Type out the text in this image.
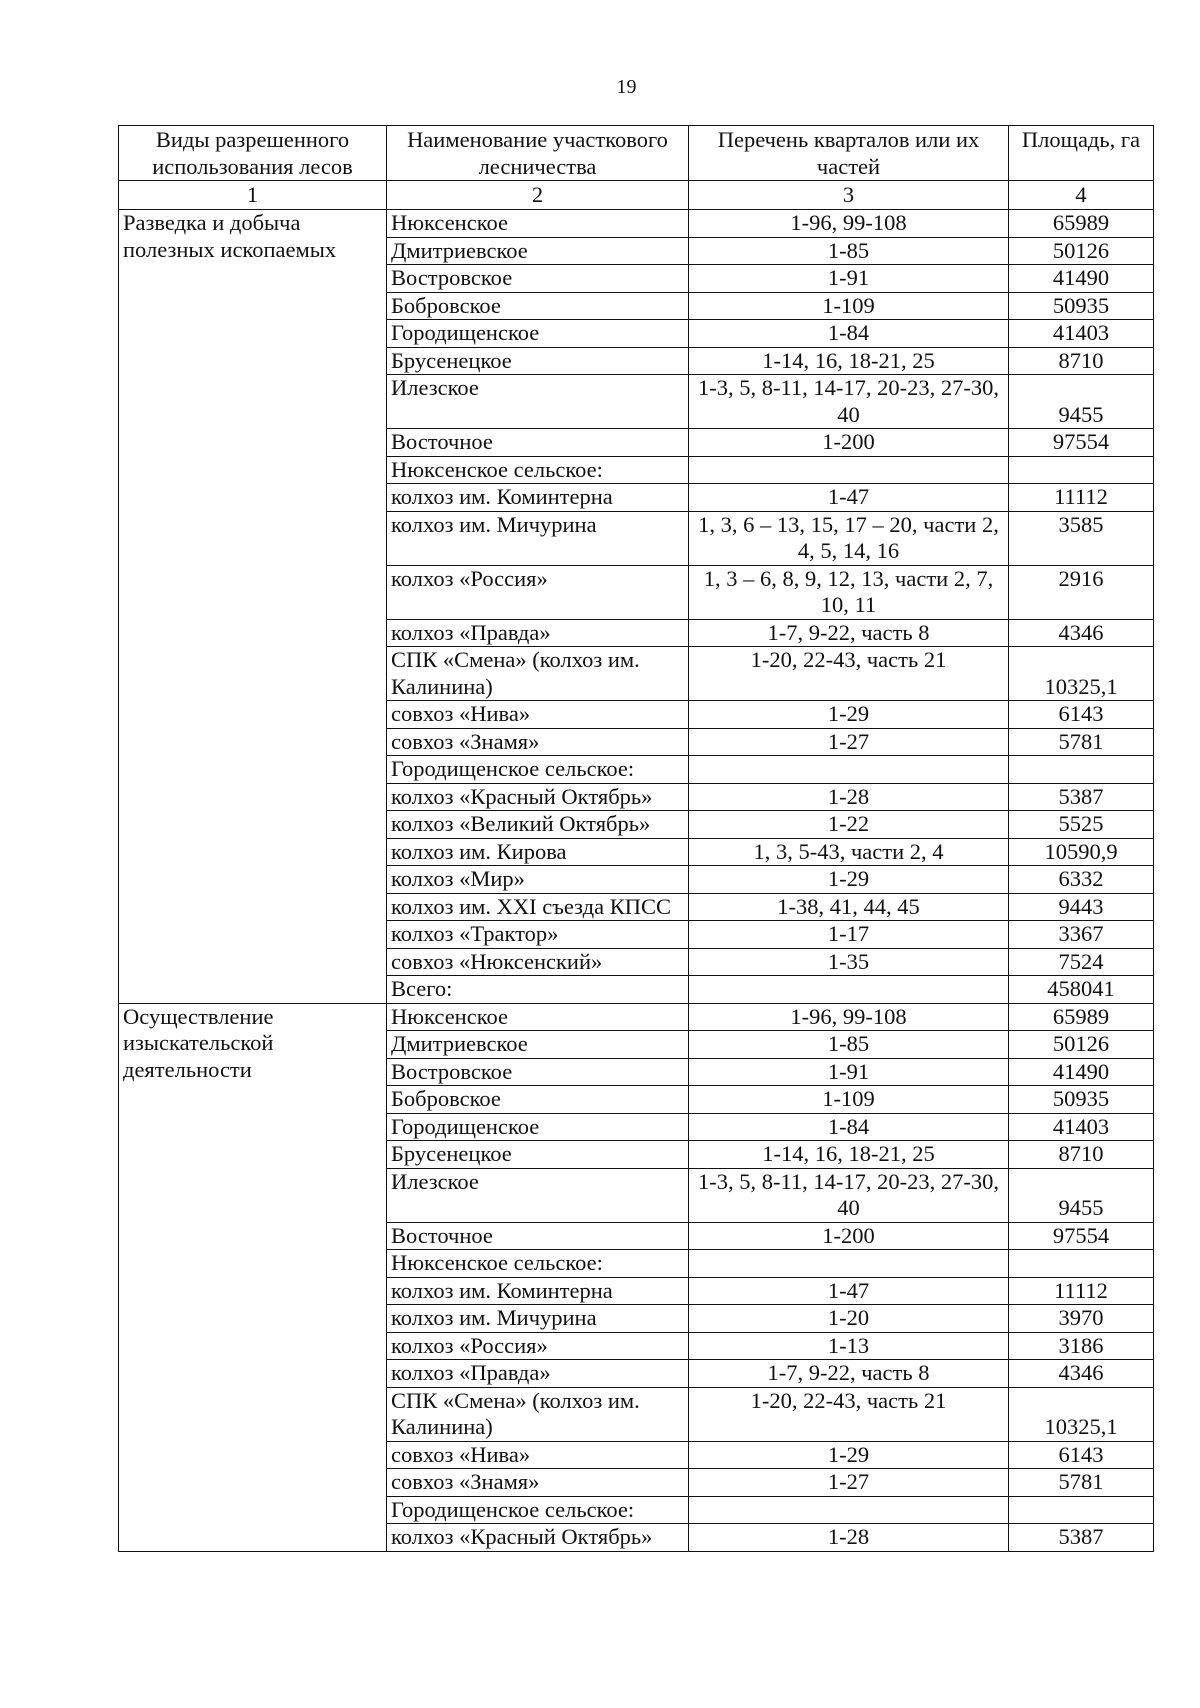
19
Виды разрешенного использования лесов	Наименование участкового лесничества	Перечень кварталов или их частей	Площадь, га
1	2	3	4
Разведка и добыча полезных ископаемых	Нюксенское	1-96, 99-108	65989
	Дмитриевское	1-85	50126
	Востровское	1-91	41490
	Бобровское	1-109	50935
	Городищенское	1-84	41403
	Брусенецкое	1-14, 16, 18-21, 25	8710
	Илезское	1-3, 5, 8-11, 14-17, 20-23, 27-30, 40	9455
	Восточное	1-200	97554
	Нюксенское сельское:		
	колхоз им. Коминтерна	1-47	11112
	колхоз им. Мичурина	1, 3, 6 – 13, 15, 17 – 20, части 2, 4, 5, 14, 16	3585
	колхоз «Россия»	1, 3 – 6, 8, 9, 12, 13, части 2, 7, 10, 11	2916
	колхоз «Правда»	1-7, 9-22, часть 8	4346
	СПК «Смена» (колхоз им. Калинина)	1-20, 22-43, часть 21	10325,1
	совхоз «Нива»	1-29	6143
	совхоз «Знамя»	1-27	5781
	Городищенское сельское:		
	колхоз «Красный Октябрь»	1-28	5387
	колхоз «Великий Октябрь»	1-22	5525
	колхоз им. Кирова	1, 3, 5-43, части 2, 4	10590,9
	колхоз «Мир»	1-29	6332
	колхоз им. XXI съезда КПСС	1-38, 41, 44, 45	9443
	колхоз «Трактор»	1-17	3367
	совхоз «Нюксенский»	1-35	7524
	Всего:		458041
Осуществление изыскательской деятельности	Нюксенское	1-96, 99-108	65989
	Дмитриевское	1-85	50126
	Востровское	1-91	41490
	Бобровское	1-109	50935
	Городищенское	1-84	41403
	Брусенецкое	1-14, 16, 18-21, 25	8710
	Илезское	1-3, 5, 8-11, 14-17, 20-23, 27-30, 40	9455
	Восточное	1-200	97554
	Нюксенское сельское:		
	колхоз им. Коминтерна	1-47	11112
	колхоз им. Мичурина	1-20	3970
	колхоз «Россия»	1-13	3186
	колхоз «Правда»	1-7, 9-22, часть 8	4346
	СПК «Смена» (колхоз им. Калинина)	1-20, 22-43, часть 21	10325,1
	совхоз «Нива»	1-29	6143
	совхоз «Знамя»	1-27	5781
	Городищенское сельское:		
	колхоз «Красный Октябрь»	1-28	5387
